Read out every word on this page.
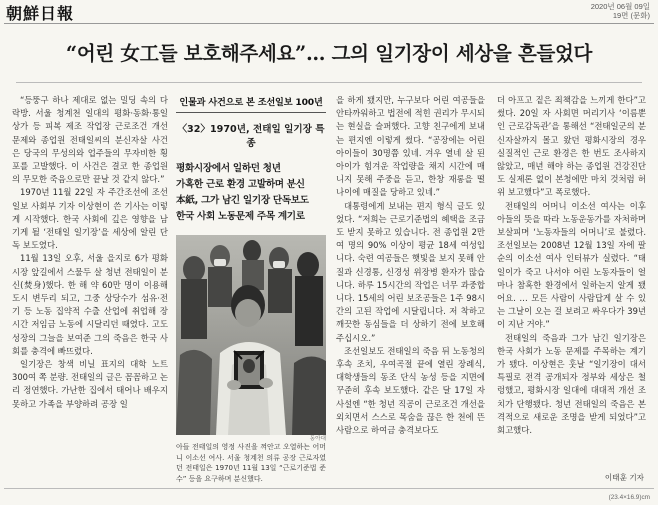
朝鮮日報	2020년 06월 09일
19면 (문화)
“어린 女工들 보호해주세요”… 그의 일기장이 세상을 흔들었다

“등뚱구 하나 제대로 없는 밀딩 속의 다락방. 서울 청계천 일대의 평화·동화·통일상가 등 피복 제조 작업장 근로조건 개선 문제와 종업원 전태일씨의 분신자살 사건은 당국의 무성의와 업주들의 무자비한 횡포를 고발했다. 이 사건은 결코 한 종업원의 무모한 죽음으로만 끝날 것 같지 않다.”

1970년 11월 22일 자 주간조선에 조선일보 사회부 기자 이상현이 쓴 기사는 이렇게 시작했다. 한국 사회에 깊은 영향을 남기게 될 ‘전태일 일기장’을 세상에 알린 단독 보도였다.

11월 13일 오후, 서울 을지로 6가 평화시장 앞길에서 스물두 살 청년 전태일이 분신(焚身)했다. 한 해 약 60만 명이 이용해 도시 변두리 되고, 그중 상당수가 섬유·전기 등 노동 집약적 수출 산업에 취업해 장시간 저임금 노동에 시달리던 때였다. 고도성장의 그늘을 보여준 그의 죽음은 한국 사회를 충격에 빠뜨렸다.

일기장은 창색 비닐 표지의 대학 노트 300여 쪽 분량. 전태일의 글은 꼼꼼하고 논리 정연했다. 가난한 집에서 태어나 배우지 못하고 가족을 부양하려 공장 일

인물과 사건으로 본 조선일보 100년
〈32〉1970년, 전태일 일기장 특종
평화시장에서 일하던 청년
가혹한 근로 환경 고발하며 분신
本紙, 그가 남긴 일기장 단독보도
한국 사회 노동문제 주목 계기로
동아대
아들 전태일의 영정 사진을 껴안고 오열하는 어머니 이소선 여사. 서울 청계천 의류 공장 근로자였던 전태일은 1970년 11월 13일 “근로기준법 준수” 등을 요구하며 분신했다.

을 하게 됐지만, 누구보다 어린 여공들을 안타까워하고 법전에 적힌 권리가 무시되는 현실을 슬퍼했다. 고향 친구에게 보내는 편지엔 이렇게 썼다. “공장에는 어린아이들이 30명쯤 있네. 겨우 열네 살 된 아이가 힘겨운 작업량을 채지 시간에 매니지 못해 주중을 듣고, 한창 재롱을 떨 나이에 매질을 당하고 있네.”

대통령에게 보내는 편지 형식 글도 있었다. “저희는 근로기준법의 혜택을 조금도 받지 못하고 있습니다. 전 종업원 2만여 명의 90% 이상이 평균 18세 여성입니다. 숙련 여공들은 햇빛을 보지 못해 안질과 신경통, 신경성 위장병 환자가 많습니다. 하루 15시간의 작업은 너무 과중합니다. 15세의 어린 보조공들은 1주 98시간의 고된 작업에 시달립니다. 저 착하고 깨끗한 동심들을 더 상하기 전에 보호해 주십시오.”

조선일보도 전태일의 죽음 뒤 노동청의 후속 조치, 우여곡절 끝에 열린 장례식, 대학생들의 동조 단식 농성 등을 지면에 꾸준히 후속 보도했다. 같은 달 17일 자 사설엔 “한 청년 직공이 근로조건 개선을 외치면서 스스로 목숨을 끊은 한 천에 뜬 사람으로 하여금 충격보다도

더 아프고 짙은 죄책감을 느끼게 한다”고 썼다. 20일 자 사회면 머리기사 ‘이름뿐인 근로감독관’을 통해선 “전태일군의 분신자살까지 몰고 왔던 평화시장의 경우 실질적인 근로 환경은 한 번도 조사하지 않았고, 매년 해야 하는 종업원 건강진단도 실제론 없이 본청에만 마치 것처럼 허위 보고했다”고 폭로했다.

전태일의 어머니 이소선 여사는 이후 아들의 뜻을 따라 노동운동가를 자처하며 보살피며 ‘노동자들의 어머니’로 불렸다. 조선일보는 2008년 12월 13일 자에 팔순의 이소선 여사 인터뷰가 실렸다. “태일이가 죽고 나서야 어린 노동자들이 얼마나 참혹한 환경에서 일하는지 알게 됐어요. … 모든 사람이 사람답게 살 수 있는 그날이 오는 걸 보려고 싸우다가 39년이 지난 거야.”

전태일의 죽음과 그가 남긴 일기장은 한국 사회가 노동 문제를 주목하는 계기가 됐다. 이상현은 훗날 “일기장이 대서특필로 전격 공개되자 정부와 세상은 철렁했고, 평화시장 일대에 대대적 개선 조치가 단행됐다. 청년 전태일의 죽음은 본격적으로 새로운 조명을 받게 되었다”고 회고했다.

이태훈 기자
(23.4×16.9)cm
